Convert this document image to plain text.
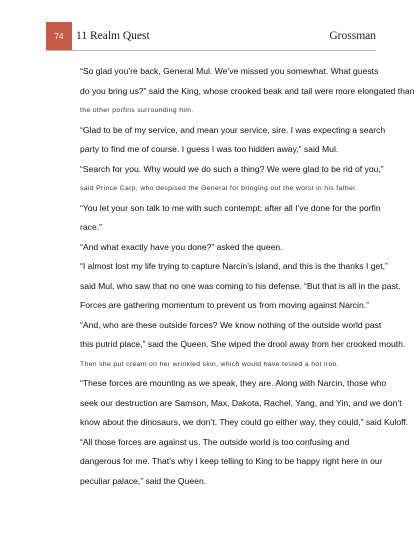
74 11 Realm Quest	Grossman

“So glad you’re back, General Mul. We’ve missed you somewhat. What guests
do you bring us?” said the King, whose crooked beak and tail were more elongated than
the other porfins surrounding him.

“Glad to be of my service, and mean your service, sire. I was expecting a search
party to find me of course. I guess I was too hidden away,” said Mul.

“Search for you. Why would we do such a thing? We were glad to be rid of you,”
said Prince Carp, who despised the General for bringing out the worst in his father.

“You let your son talk to me with such contempt; after all I’ve done for the porfin
race.”

“And what exactly have you done?” asked the queen.

“I almost lost my life trying to capture Narcin’s island, and this is the thanks I get,”
said Mul, who saw that no one was coming to his defense. “But that is all in the past.
Forces are gathering momentum to prevent us from moving against Narcin.”

“And, who are these outside forces? We know nothing of the outside world past
this putrid place,” said the Queen. She wiped the drool away from her crooked mouth.
Then she put cream on her wrinkled skin, which would have tested a hot iron.

“These forces are mounting as we speak, they are. Along with Narcin, those who
seek our destruction are Samson, Max, Dakota, Rachel, Yang, and Yin, and we don’t
know about the dinosaurs, we don’t. They could go either way, they could,” said Kuloff.

“All those forces are against us. The outside world is too confusing and
dangerous for me. That’s why I keep telling to King to be happy right here in our
peculiar palace,” said the Queen.
